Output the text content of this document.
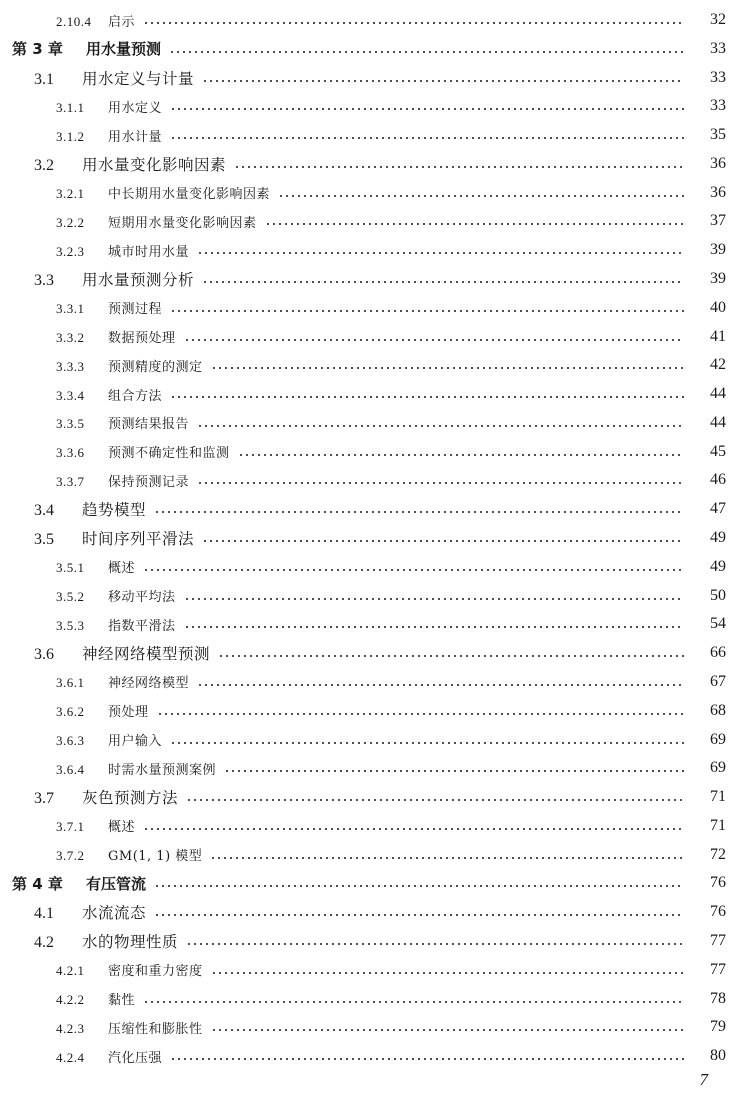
2.10.4	启示	32
第 3 章	用水量预测	33
3.1	用水定义与计量	33
3.1.1	用水定义	33
3.1.2	用水计量	35
3.2	用水量变化影响因素	36
3.2.1	中长期用水量变化影响因素	36
3.2.2	短期用水量变化影响因素	37
3.2.3	城市时用水量	39
3.3	用水量预测分析	39
3.3.1	预测过程	40
3.3.2	数据预处理	41
3.3.3	预测精度的测定	42
3.3.4	组合方法	44
3.3.5	预测结果报告	44
3.3.6	预测不确定性和监测	45
3.3.7	保持预测记录	46
3.4	趋势模型	47
3.5	时间序列平滑法	49
3.5.1	概述	49
3.5.2	移动平均法	50
3.5.3	指数平滑法	54
3.6	神经网络模型预测	66
3.6.1	神经网络模型	67
3.6.2	预处理	68
3.6.3	用户输入	69
3.6.4	时需水量预测案例	69
3.7	灰色预测方法	71
3.7.1	概述	71
3.7.2	GM(1, 1) 模型	72
第 4 章	有压管流	76
4.1	水流流态	76
4.2	水的物理性质	77
4.2.1	密度和重力密度	77
4.2.2	黏性	78
4.2.3	压缩性和膨胀性	79
4.2.4	汽化压强	80
7
